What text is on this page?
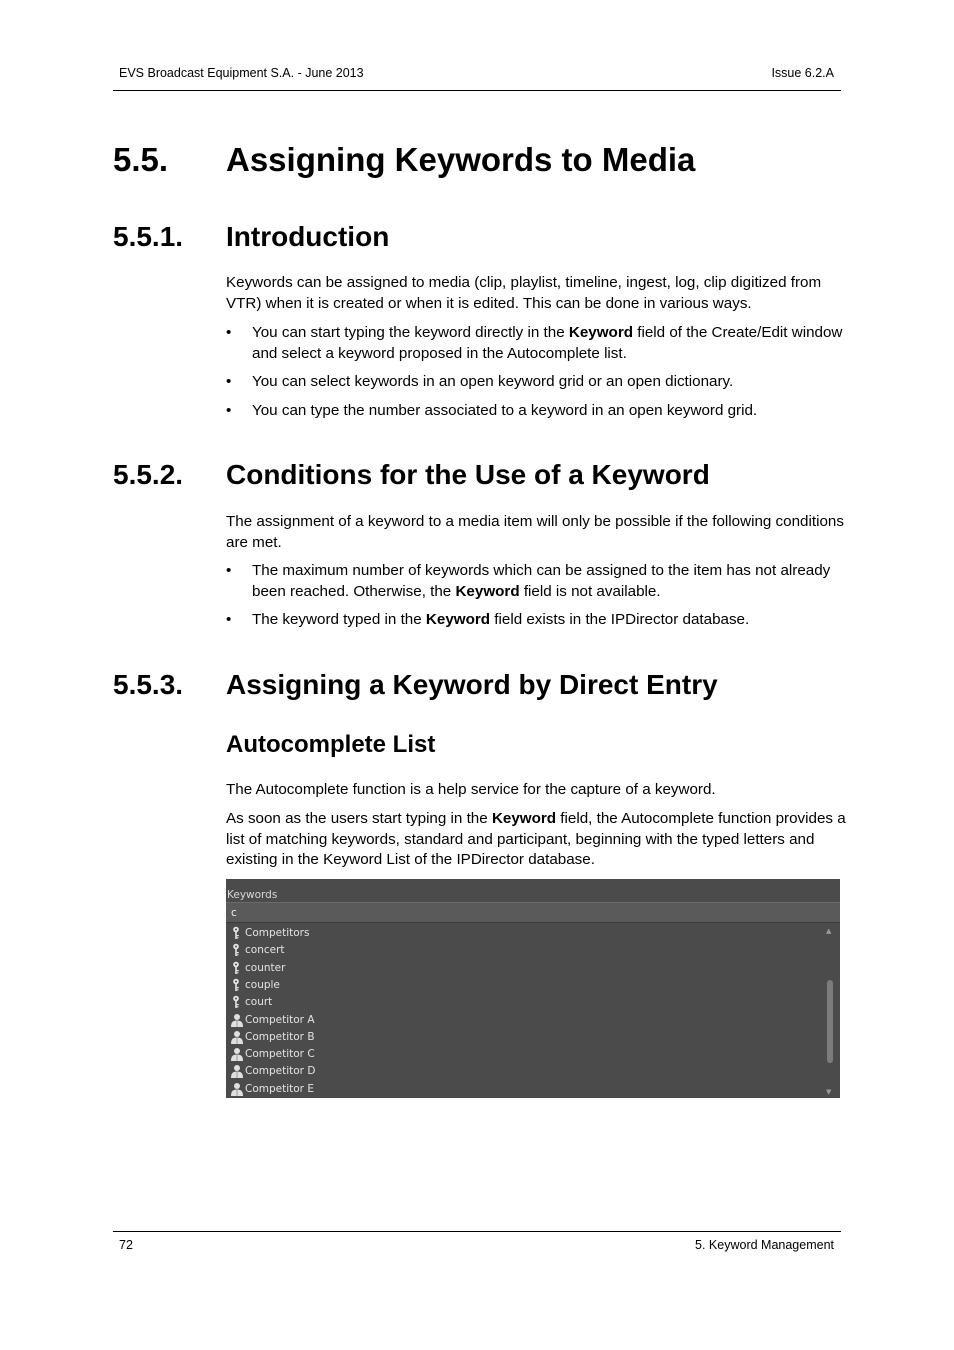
EVS Broadcast Equipment S.A. - June 2013	Issue 6.2.A
5.5. Assigning Keywords to Media
5.5.1. Introduction
Keywords can be assigned to media (clip, playlist, timeline, ingest, log, clip digitized from VTR) when it is created or when it is edited. This can be done in various ways.
• You can start typing the keyword directly in the Keyword field of the Create/Edit window and select a keyword proposed in the Autocomplete list.
• You can select keywords in an open keyword grid or an open dictionary.
• You can type the number associated to a keyword in an open keyword grid.
5.5.2. Conditions for the Use of a Keyword
The assignment of a keyword to a media item will only be possible if the following conditions are met.
• The maximum number of keywords which can be assigned to the item has not already been reached. Otherwise, the Keyword field is not available.
• The keyword typed in the Keyword field exists in the IPDirector database.
5.5.3. Assigning a Keyword by Direct Entry
Autocomplete List
The Autocomplete function is a help service for the capture of a keyword.
As soon as the users start typing in the Keyword field, the Autocomplete function provides a list of matching keywords, standard and participant, beginning with the typed letters and existing in the Keyword List of the IPDirector database.
Keywords
c
Competitors
concert
counter
couple
court
Competitor A
Competitor B
Competitor C
Competitor D
Competitor E
▲
▼
72	5. Keyword Management
